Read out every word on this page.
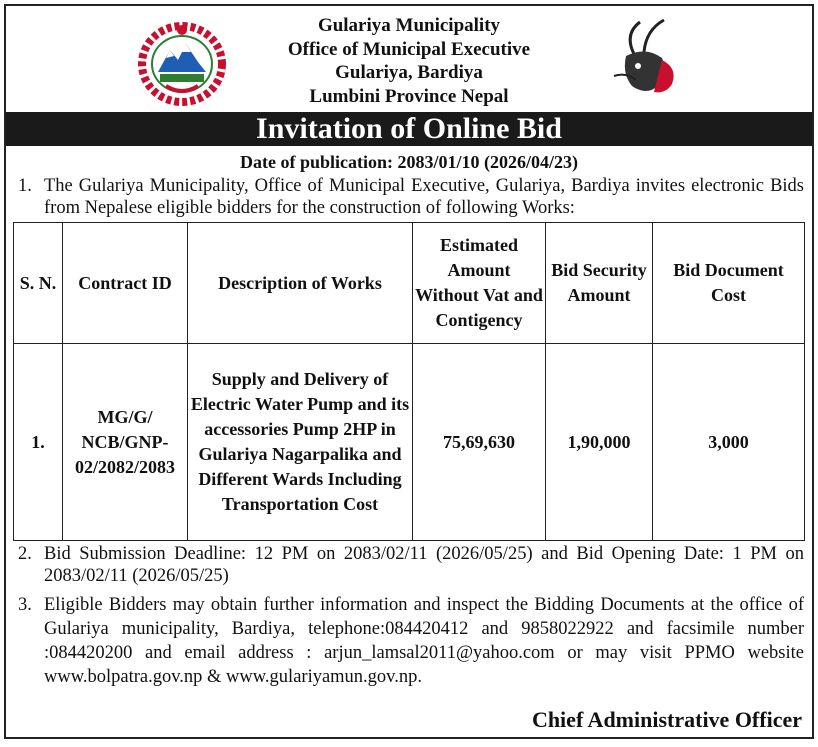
Gulariya Municipality
Office of Municipal Executive
Gulariya, Bardiya
Lumbini Province Nepal
Invitation of Online Bid
Date of publication: 2083/01/10 (2026/04/23)
1. The Gulariya Municipality, Office of Municipal Executive, Gulariya, Bardiya invites electronic Bids from Nepalese eligible bidders for the construction of following Works:
S. N.	Contract ID	Description of Works	Estimated Amount Without Vat and Contigency	Bid Security Amount	Bid Document Cost
1.	MG/G/ NCB/GNP- 02/2082/2083	Supply and Delivery of Electric Water Pump and its accessories Pump 2HP in Gulariya Nagarpalika and Different Wards Including Transportation Cost	75,69,630	1,90,000	3,000
2. Bid Submission Deadline: 12 PM on 2083/02/11 (2026/05/25) and Bid Opening Date: 1 PM on 2083/02/11 (2026/05/25)
3. Eligible Bidders may obtain further information and inspect the Bidding Documents at the office of Gulariya municipality, Bardiya, telephone:084420412 and 9858022922 and facsimile number :084420200 and email address : arjun_lamsal2011@yahoo.com or may visit PPMO website www.bolpatra.gov.np & www.gulariyamun.gov.np.
Chief Administrative Officer
